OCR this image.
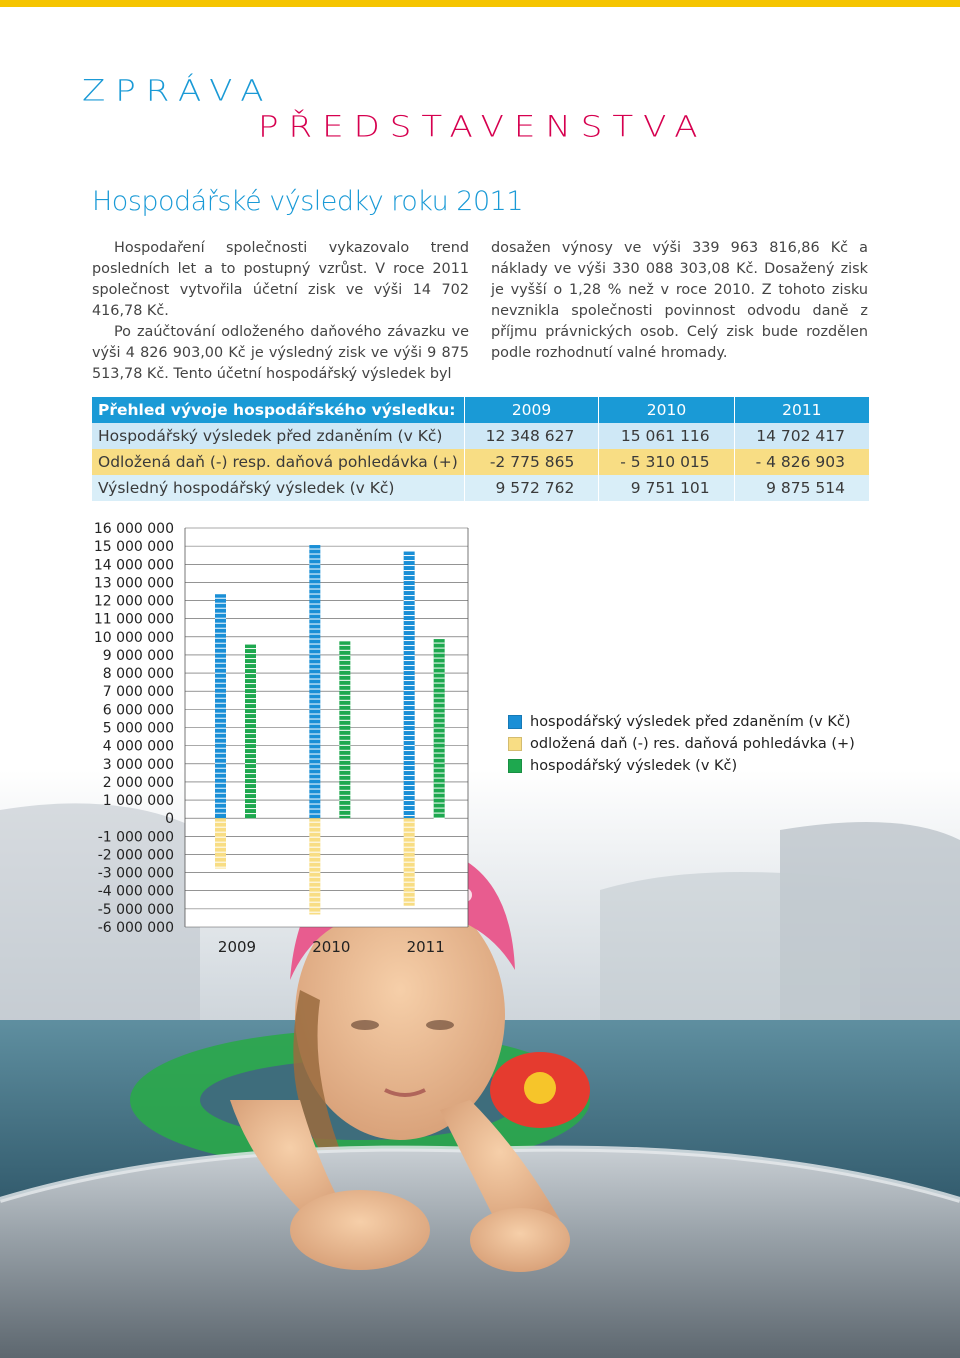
ZPRÁVA
PŘEDSTAVENSTVA
Hospodářské výsledky roku 2011

Hospodaření společnosti vykazovalo trend posledních let a to postupný vzrůst. V roce 2011 společnost vytvořila účetní zisk ve výši 14 702 416,78 Kč.

Po zaúčtování odloženého daňového závazku ve výši 4 826 903,00 Kč je výsledný zisk ve výši 9 875 513,78 Kč. Tento účetní hospodářský výsledek byl

dosažen výnosy ve výši 339 963 816,86 Kč a náklady ve výši 330 088 303,08 Kč. Dosažený zisk je vyšší o 1,28 % než v roce 2010. Z tohoto zisku nevznikla společnosti povinnost odvodu daně z příjmu právnických osob. Celý zisk bude rozdělen podle rozhodnutí valné hromady.

Přehled vývoje hospodářského výsledku:	2009	2010	2011
Hospodářský výsledek před zdaněním (v Kč)	12 348 627	15 061 116	14 702 417
Odložená daň (-) resp. daňová pohledávka (+)	-2 775 865	- 5 310 015	- 4 826 903
Výsledný hospodářský výsledek (v Kč)	9 572 762	9 751 101	9 875 514
16 000 000
15 000 000
14 000 000
13 000 000
12 000 000
11 000 000
10 000 000
9 000 000
8 000 000
7 000 000
6 000 000
5 000 000
4 000 000
3 000 000
2 000 000
1 000 000
0
-1 000 000
-2 000 000
-3 000 000
-4 000 000
-5 000 000
-6 000 000
2009	2010	2011
hospodářský výsledek před zdaněním (v Kč)
odložená daň (-) res. daňová pohledávka (+)
hospodářský výsledek (v Kč)
